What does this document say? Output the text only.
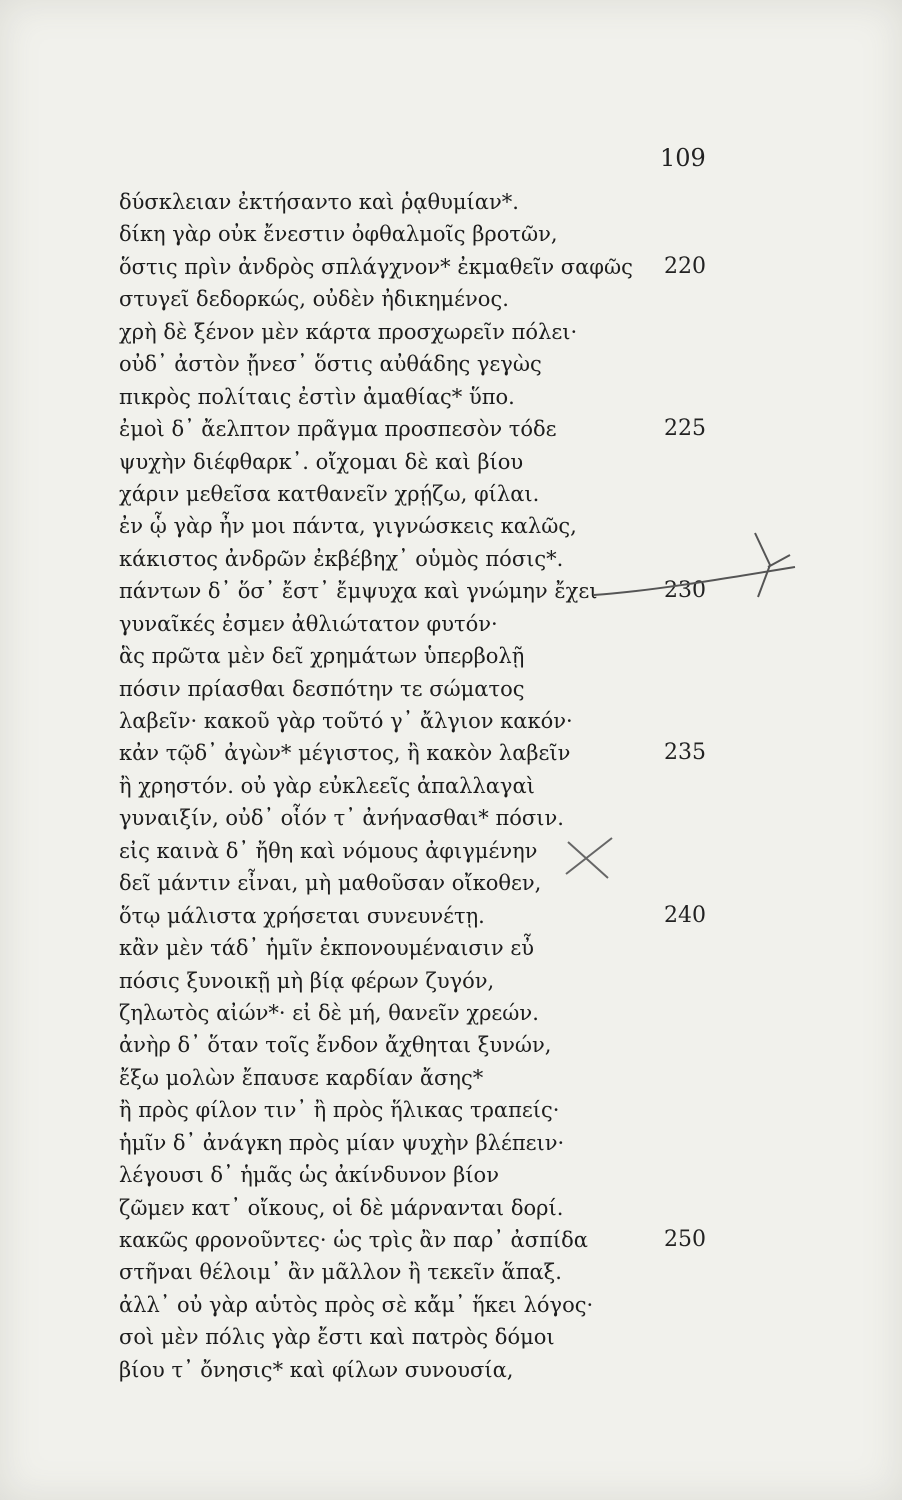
109
δύσκλειαν ἐκτήσαντο καὶ ῥᾳθυμίαν*.
δίκη γὰρ οὐκ ἔνεστιν ὀφθαλμοῖς βροτῶν,
ὅστις πρὶν ἀνδρὸς σπλάγχνον* ἐκμαθεῖν σαφῶς 220
στυγεῖ δεδορκώς, οὐδὲν ἠδικημένος.
χρὴ δὲ ξένον μὲν κάρτα προσχωρεῖν πόλει·
οὐδ᾽ ἀστὸν ᾔνεσ᾽ ὅστις αὐθάδης γεγὼς
πικρὸς πολίταις ἐστὶν ἀμαθίας* ὕπο.
ἐμοὶ δ᾽ ἄελπτον πρᾶγμα προσπεσὸν τόδε	225
ψυχὴν διέφθαρκ᾽. οἴχομαι δὲ καὶ βίου
χάριν μεθεῖσα κατθανεῖν χρῄζω, φίλαι.
ἐν ᾧ γὰρ ἦν μοι πάντα, γιγνώσκεις καλῶς,
κάκιστος ἀνδρῶν ἐκβέβηχ᾽ οὑμὸς πόσις*.
πάντων δ᾽ ὅσ᾽ ἔστ᾽ ἔμψυχα καὶ γνώμην ἔχει	230
γυναῖκές ἐσμεν ἀθλιώτατον φυτόν·
ἃς πρῶτα μὲν δεῖ χρημάτων ὑπερβολῇ
πόσιν πρίασθαι δεσπότην τε σώματος
λαβεῖν· κακοῦ γὰρ τοῦτό γ᾽ ἄλγιον κακόν·
κἀν τῷδ᾽ ἀγὼν* μέγιστος, ἢ κακὸν λαβεῖν	235
ἢ χρηστόν. οὐ γὰρ εὐκλεεῖς ἀπαλλαγαὶ
γυναιξίν, οὐδ᾽ οἷόν τ᾽ ἀνήνασθαι* πόσιν.
εἰς καινὰ δ᾽ ἤθη καὶ νόμους ἀφιγμένην
δεῖ μάντιν εἶναι, μὴ μαθοῦσαν οἴκοθεν,
ὅτῳ μάλιστα χρήσεται συνευνέτῃ.	240
κἂν μὲν τάδ᾽ ἡμῖν ἐκπονουμέναισιν εὖ
πόσις ξυνοικῇ μὴ βίᾳ φέρων ζυγόν,
ζηλωτὸς αἰών*· εἰ δὲ μή, θανεῖν χρεών.
ἀνὴρ δ᾽ ὅταν τοῖς ἔνδον ἄχθηται ξυνών,
ἔξω μολὼν ἔπαυσε καρδίαν ἄσης*
ἢ πρὸς φίλον τιν᾽ ἢ πρὸς ἥλικας τραπείς·
ἡμῖν δ᾽ ἀνάγκη πρὸς μίαν ψυχὴν βλέπειν·
λέγουσι δ᾽ ἡμᾶς ὡς ἀκίνδυνον βίον
ζῶμεν κατ᾽ οἴκους, οἱ δὲ μάρνανται δορί.
κακῶς φρονοῦντες· ὡς τρὶς ἂν παρ᾽ ἀσπίδα	250
στῆναι θέλοιμ᾽ ἂν μᾶλλον ἢ τεκεῖν ἅπαξ.
ἀλλ᾽ οὐ γὰρ αὑτὸς πρὸς σὲ κἄμ᾽ ἥκει λόγος·
σοὶ μὲν πόλις γὰρ ἔστι καὶ πατρὸς δόμοι
βίου τ᾽ ὄνησις* καὶ φίλων συνουσία,
